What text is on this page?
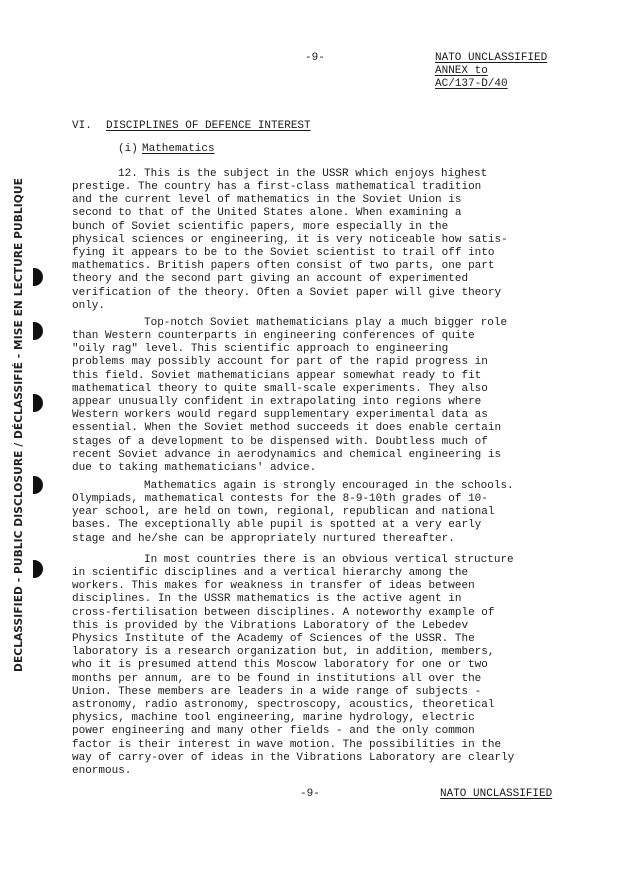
DECLASSIFIED - PUBLIC DISCLOSURE / DÉCLASSIFIÉ - MISE EN LECTURE PUBLIQUE
-9-	NATO UNCLASSIFIED
ANNEX to
AC/137-D/40
VI. DISCIPLINES OF DEFENCE INTEREST
(i) Mathematics
12. This is the subject in the USSR which enjoys highest
prestige. The country has a first-class mathematical tradition
and the current level of mathematics in the Soviet Union is
second to that of the United States alone. When examining a
bunch of Soviet scientific papers, more especially in the
physical sciences or engineering, it is very noticeable how satis-
fying it appears to be to the Soviet scientist to trail off into
mathematics. British papers often consist of two parts, one part
theory and the second part giving an account of experimented
verification of the theory. Often a Soviet paper will give theory
only.
Top-notch Soviet mathematicians play a much bigger role
than Western counterparts in engineering conferences of quite
"oily rag" level. This scientific approach to engineering
problems may possibly account for part of the rapid progress in
this field. Soviet mathematicians appear somewhat ready to fit
mathematical theory to quite small-scale experiments. They also
appear unusually confident in extrapolating into regions where
Western workers would regard supplementary experimental data as
essential. When the Soviet method succeeds it does enable certain
stages of a development to be dispensed with. Doubtless much of
recent Soviet advance in aerodynamics and chemical engineering is
due to taking mathematicians' advice.
Mathematics again is strongly encouraged in the schools.
Olympiads, mathematical contests for the 8-9-10th grades of 10-
year school, are held on town, regional, republican and national
bases. The exceptionally able pupil is spotted at a very early
stage and he/she can be appropriately nurtured thereafter.
In most countries there is an obvious vertical structure
in scientific disciplines and a vertical hierarchy among the
workers. This makes for weakness in transfer of ideas between
disciplines. In the USSR mathematics is the active agent in
cross-fertilisation between disciplines. A noteworthy example of
this is provided by the Vibrations Laboratory of the Lebedev
Physics Institute of the Academy of Sciences of the USSR. The
laboratory is a research organization but, in addition, members,
who it is presumed attend this Moscow laboratory for one or two
months per annum, are to be found in institutions all over the
Union. These members are leaders in a wide range of subjects -
astronomy, radio astronomy, spectroscopy, acoustics, theoretical
physics, machine tool engineering, marine hydrology, electric
power engineering and many other fields - and the only common
factor is their interest in wave motion. The possibilities in the
way of carry-over of ideas in the Vibrations Laboratory are clearly
enormous.
-9-	NATO UNCLASSIFIED
